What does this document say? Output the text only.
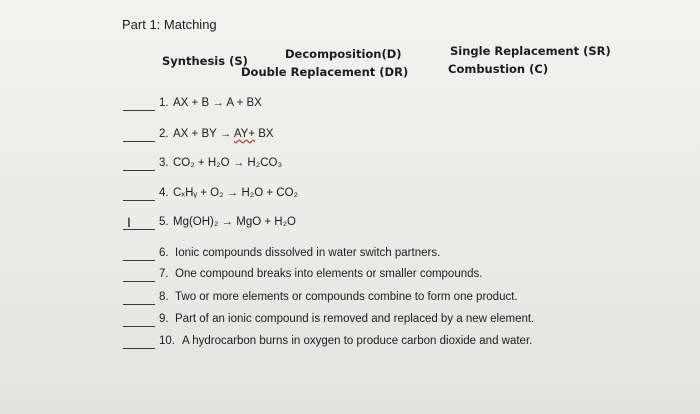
Part 1: Matching
Synthesis (S)	Decomposition(D)
Double Replacement (DR)
Single Replacement (SR)
Combustion (C)
1. AX + B → A + BX
2. AX + BY → AY+ BX
3. CO₂ + H₂O → H₂CO₃
4. CₓHᵧ + O₂ → H₂O + CO₂
I 5. Mg(OH)₂ → MgO + H₂O
6. Ionic compounds dissolved in water switch partners.
7. One compound breaks into elements or smaller compounds.
8. Two or more elements or compounds combine to form one product.
9. Part of an ionic compound is removed and replaced by a new element.
10. A hydrocarbon burns in oxygen to produce carbon dioxide and water.
